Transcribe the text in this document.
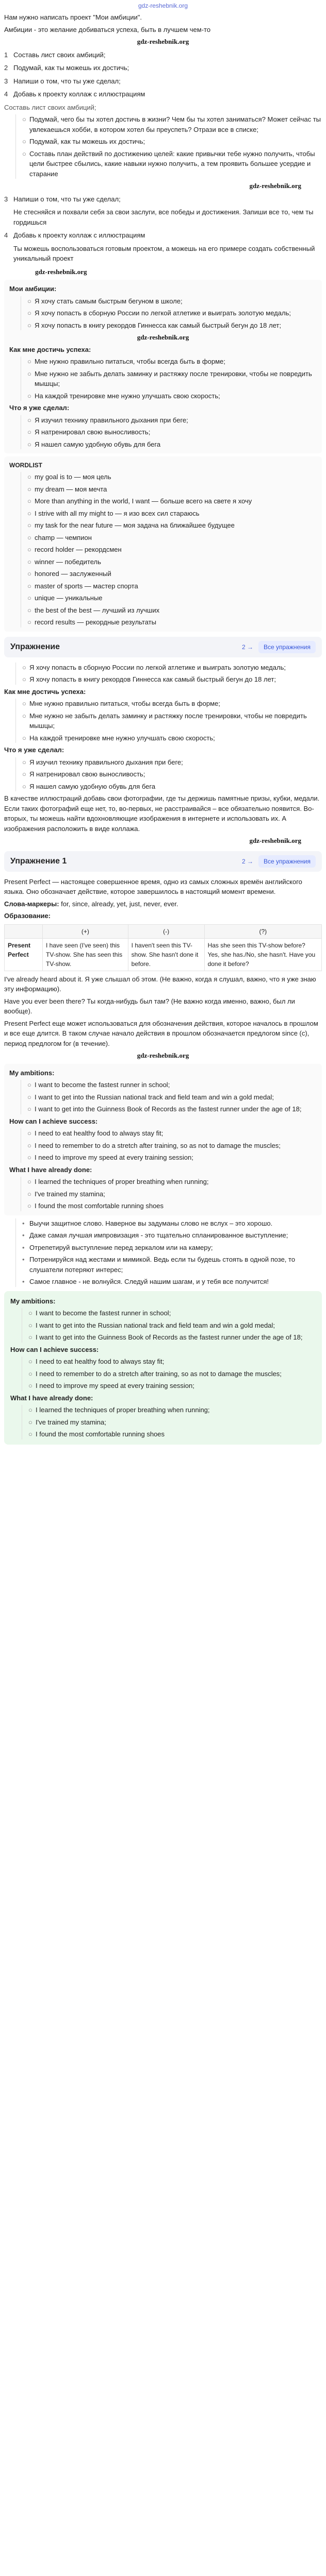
gdz-reshebnik.org

Нам нужно написать проект "Мои амбиции".

Амбиции - это желание добиваться успеха, быть в лучшем чем-то

gdz-reshebnik.org
1 Составь лист своих амбиций;
2 Подумай, как ты можешь их достичь;
3 Напиши о том, что ты уже сделал;
4 Добавь к проекту коллаж с иллюстрациям

Составь лист своих амбиций;

○ Подумай, чего бы ты хотел достичь в жизни? Чем бы ты хотел заниматься? Может сейчас ты увлекаешься хобби, в котором хотел бы преуспеть? Отрази все в списке;
○ Подумай, как ты можешь их достичь;
○ Составь план действий по достижению целей: какие привычки тебе нужно получить, чтобы цели быстрее сбылись, какие навыки нужно получить, а тем проявить большее усердие и старание
gdz-reshebnik.org
3 Напиши о том, что ты уже сделал;
Не стесняйся и похвали себя за свои заслуги, все победы и достижения. Запиши все то, чем ты гордишься
4 Добавь к проекту коллаж с иллюстрациям
Ты можешь воспользоваться готовым проектом, а можешь на его примере создать собственный уникальный проект
gdz-reshebnik.org

Мои амбиции:

○ Я хочу стать самым быстрым бегуном в школе;
○ Я хочу попасть в сборную России по легкой атлетике и выиграть золотую медаль;
○ Я хочу попасть в книгу рекордов Гиннесса как самый быстрый бегун до 18 лет;
gdz-reshebnik.org

Как мне достичь успеха:

○ Мне нужно правильно питаться, чтобы всегда быть в форме;
○ Мне нужно не забыть делать заминку и растяжку после тренировки, чтобы не повредить мышцы;
○ На каждой тренировке мне нужно улучшать свою скорость;

Что я уже сделал:

○ Я изучил технику правильного дыхания при беге;
○ Я натренировал свою выносливость;
○ Я нашел самую удобную обувь для бега

WORDLIST

○ my goal is to — моя цель
○ my dream — моя мечта
○ More than anything in the world, I want — больше всего на свете я хочу
○ I strive with all my might to — я изо всех сил стараюсь
○ my task for the near future — моя задача на ближайшее будущее
○ champ — чемпион
○ record holder — рекордсмен
○ winner — победитель
○ honored — заслуженный
○ master of sports — мастер спорта
○ unique — уникальные
○ the best of the best — лучший из лучших
○ record results — рекордные результаты
Упражнение	2 →	Все упражнения
○ Я хочу попасть в сборную России по легкой атлетике и выиграть золотую медаль;
○ Я хочу попасть в книгу рекордов Гиннесса как самый быстрый бегун до 18 лет;

Как мне достичь успеха:

○ Мне нужно правильно питаться, чтобы всегда быть в форме;
○ Мне нужно не забыть делать заминку и растяжку после тренировки, чтобы не повредить мышцы;
○ На каждой тренировке мне нужно улучшать свою скорость;

Что я уже сделал:

○ Я изучил технику правильного дыхания при беге;
○ Я натренировал свою выносливость;
○ Я нашел самую удобную обувь для бега

В качестве иллюстраций добавь свои фотографии, где ты держишь памятные призы, кубки, медали. Если таких фотографий еще нет, то, во-первых, не расстраивайся – все обязательно появится. Во-вторых, ты можешь найти вдохновляющие изображения в интернете и использовать их. А изображения расположить в виде коллажа.

gdz-reshebnik.org
Упражнение 1	2 →	Все упражнения

Present Perfect — настоящее совершенное время, одно из самых сложных времён английского языка. Оно обозначает действие, которое завершилось в настоящий момент времени.

Слова-маркеры: for, since, already, yet, just, never, ever.

Образование:

	(+)	(-)	(?)
Present Perfect	I have seen (I've seen) this TV-show. She has seen this TV-show.	I haven't seen this TV-show. She hasn't done it before.	Has she seen this TV-show before? Yes, she has./No, she hasn't. Have you done it before?

I've already heard about it. Я уже слышал об этом. (Не важно, когда я слушал, важно, что я уже знаю эту информацию).

Have you ever been there? Ты когда-нибудь был там? (Не важно когда именно, важно, был ли вообще).

Present Perfect еще может использоваться для обозначения действия, которое началось в прошлом и все еще длится. В таком случае начало действия в прошлом обозначается предлогом since (с), период предлогом for (в течение).

gdz-reshebnik.org

My ambitions:

○ I want to become the fastest runner in school;
○ I want to get into the Russian national track and field team and win a gold medal;
○ I want to get into the Guinness Book of Records as the fastest runner under the age of 18;

How can I achieve success:

○ I need to eat healthy food to always stay fit;
○ I need to remember to do a stretch after training, so as not to damage the muscles;
○ I need to improve my speed at every training session;

What I have already done:

○ I learned the techniques of proper breathing when running;
○ I've trained my stamina;
○ I found the most comfortable running shoes
• Выучи защитное слово. Наверное вы задуманы слово не вслух – это хорошо.
• Даже самая лучшая импровизация - это тщательно спланированное выступление;
• Отрепетируй выступление перед зеркалом или на камеру;
• Потренируйся над жестами и мимикой. Ведь если ты будешь стоять в одной позе, то слушатели потеряют интерес;
• Самое главное - не волнуйся. Следуй нашим шагам, и у тебя все получится!

My ambitions:

○ I want to become the fastest runner in school;
○ I want to get into the Russian national track and field team and win a gold medal;
○ I want to get into the Guinness Book of Records as the fastest runner under the age of 18;

How can I achieve success:

○ I need to eat healthy food to always stay fit;
○ I need to remember to do a stretch after training, so as not to damage the muscles;
○ I need to improve my speed at every training session;

What I have already done:

○ I learned the techniques of proper breathing when running;
○ I've trained my stamina;
○ I found the most comfortable running shoes
